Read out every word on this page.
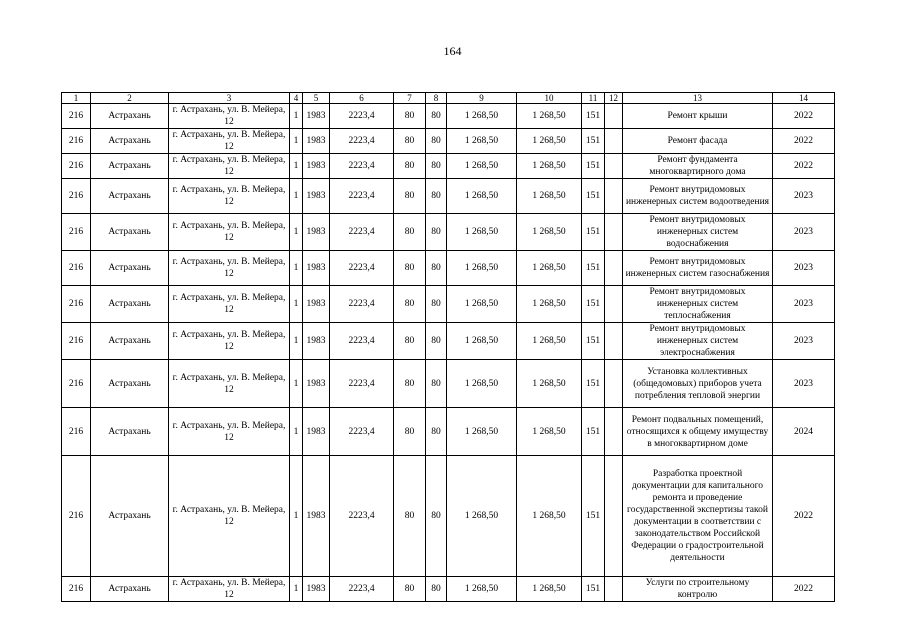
164
1	2	3	4	5	6	7	8	9	10	11	12	13	14
216	Астрахань	г. Астрахань, ул. В. Мейера, 12	1	1983	2223,4	80	80	1 268,50	1 268,50	151		Ремонт крыши	2022
216	Астрахань	г. Астрахань, ул. В. Мейера, 12	1	1983	2223,4	80	80	1 268,50	1 268,50	151		Ремонт фасада	2022
216	Астрахань	г. Астрахань, ул. В. Мейера, 12	1	1983	2223,4	80	80	1 268,50	1 268,50	151		Ремонт фундамента многоквартирного дома	2022
216	Астрахань	г. Астрахань, ул. В. Мейера, 12	1	1983	2223,4	80	80	1 268,50	1 268,50	151		Ремонт внутридомовых инженерных систем водоотведения	2023
216	Астрахань	г. Астрахань, ул. В. Мейера, 12	1	1983	2223,4	80	80	1 268,50	1 268,50	151		Ремонт внутридомовых инженерных систем водоснабжения	2023
216	Астрахань	г. Астрахань, ул. В. Мейера, 12	1	1983	2223,4	80	80	1 268,50	1 268,50	151		Ремонт внутридомовых инженерных систем газоснабжения	2023
216	Астрахань	г. Астрахань, ул. В. Мейера, 12	1	1983	2223,4	80	80	1 268,50	1 268,50	151		Ремонт внутридомовых инженерных систем теплоснабжения	2023
216	Астрахань	г. Астрахань, ул. В. Мейера, 12	1	1983	2223,4	80	80	1 268,50	1 268,50	151		Ремонт внутридомовых инженерных систем электроснабжения	2023
216	Астрахань	г. Астрахань, ул. В. Мейера, 12	1	1983	2223,4	80	80	1 268,50	1 268,50	151		Установка коллективных (общедомовых) приборов учета потребления тепловой энергии	2023
216	Астрахань	г. Астрахань, ул. В. Мейера, 12	1	1983	2223,4	80	80	1 268,50	1 268,50	151		Ремонт подвальных помещений, относящихся к общему имуществу в многоквартирном доме	2024
216	Астрахань	г. Астрахань, ул. В. Мейера, 12	1	1983	2223,4	80	80	1 268,50	1 268,50	151		Разработка проектной документации для капитального ремонта и проведение государственной экспертизы такой документации в соответствии с законодательством Российской Федерации о градостроительной деятельности	2022
216	Астрахань	г. Астрахань, ул. В. Мейера, 12	1	1983	2223,4	80	80	1 268,50	1 268,50	151		Услуги по строительному контролю	2022
